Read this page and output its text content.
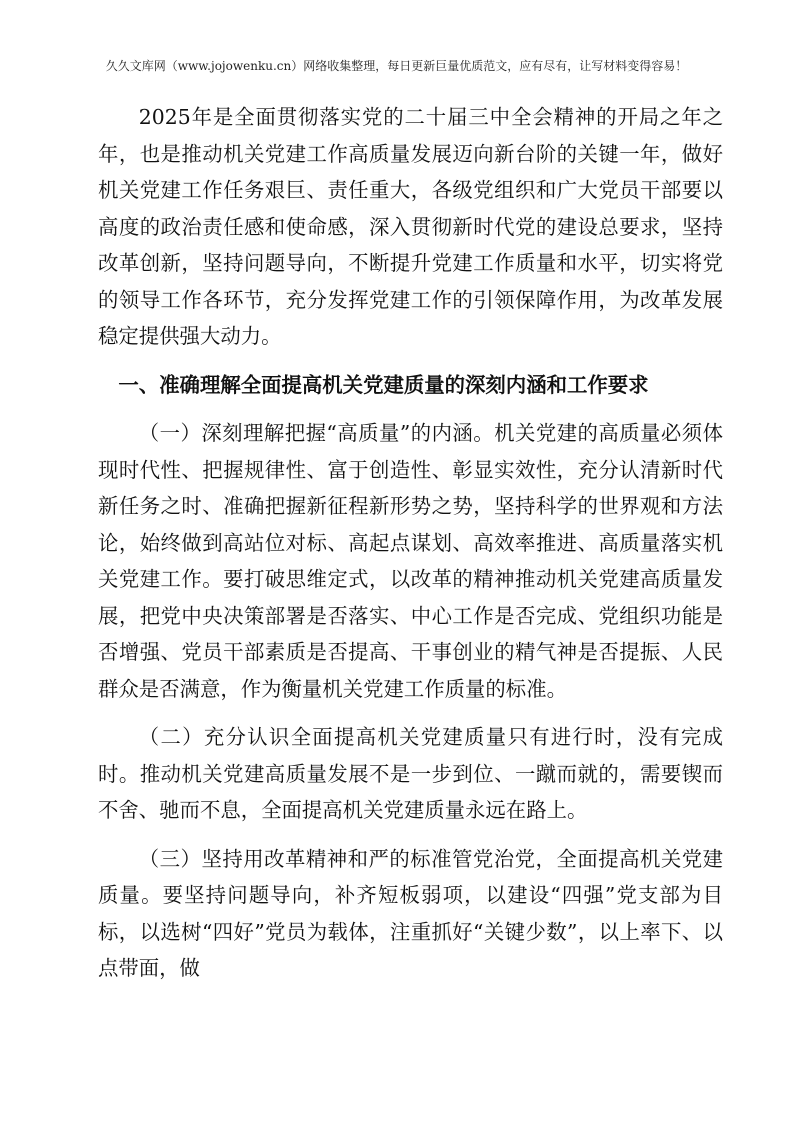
久久文库网（www.jojowenku.cn）网络收集整理，每日更新巨量优质范文，应有尽有，让写材料变得容易！

2025年是全面贯彻落实党的二十届三中全会精神的开局之年之年，也是推动机关党建工作高质量发展迈向新台阶的关键一年，做好机关党建工作任务艰巨、责任重大，各级党组织和广大党员干部要以高度的政治责任感和使命感，深入贯彻新时代党的建设总要求，坚持改革创新，坚持问题导向，不断提升党建工作质量和水平，切实将党的领导工作各环节，充分发挥党建工作的引领保障作用，为改革发展稳定提供强大动力。

一、准确理解全面提高机关党建质量的深刻内涵和工作要求

（一）深刻理解把握“高质量”的内涵。机关党建的高质量必须体现时代性、把握规律性、富于创造性、彰显实效性，充分认清新时代新任务之时、准确把握新征程新形势之势，坚持科学的世界观和方法论，始终做到高站位对标、高起点谋划、高效率推进、高质量落实机关党建工作。要打破思维定式，以改革的精神推动机关党建高质量发展，把党中央决策部署是否落实、中心工作是否完成、党组织功能是否增强、党员干部素质是否提高、干事创业的精气神是否提振、人民群众是否满意，作为衡量机关党建工作质量的标准。

（二）充分认识全面提高机关党建质量只有进行时，没有完成时。推动机关党建高质量发展不是一步到位、一蹴而就的，需要锲而不舍、驰而不息，全面提高机关党建质量永远在路上。

（三）坚持用改革精神和严的标准管党治党，全面提高机关党建质量。要坚持问题导向，补齐短板弱项，以建设“四强”党支部为目标，以选树“四好”党员为载体，注重抓好“关键少数”，以上率下、以点带面，做
